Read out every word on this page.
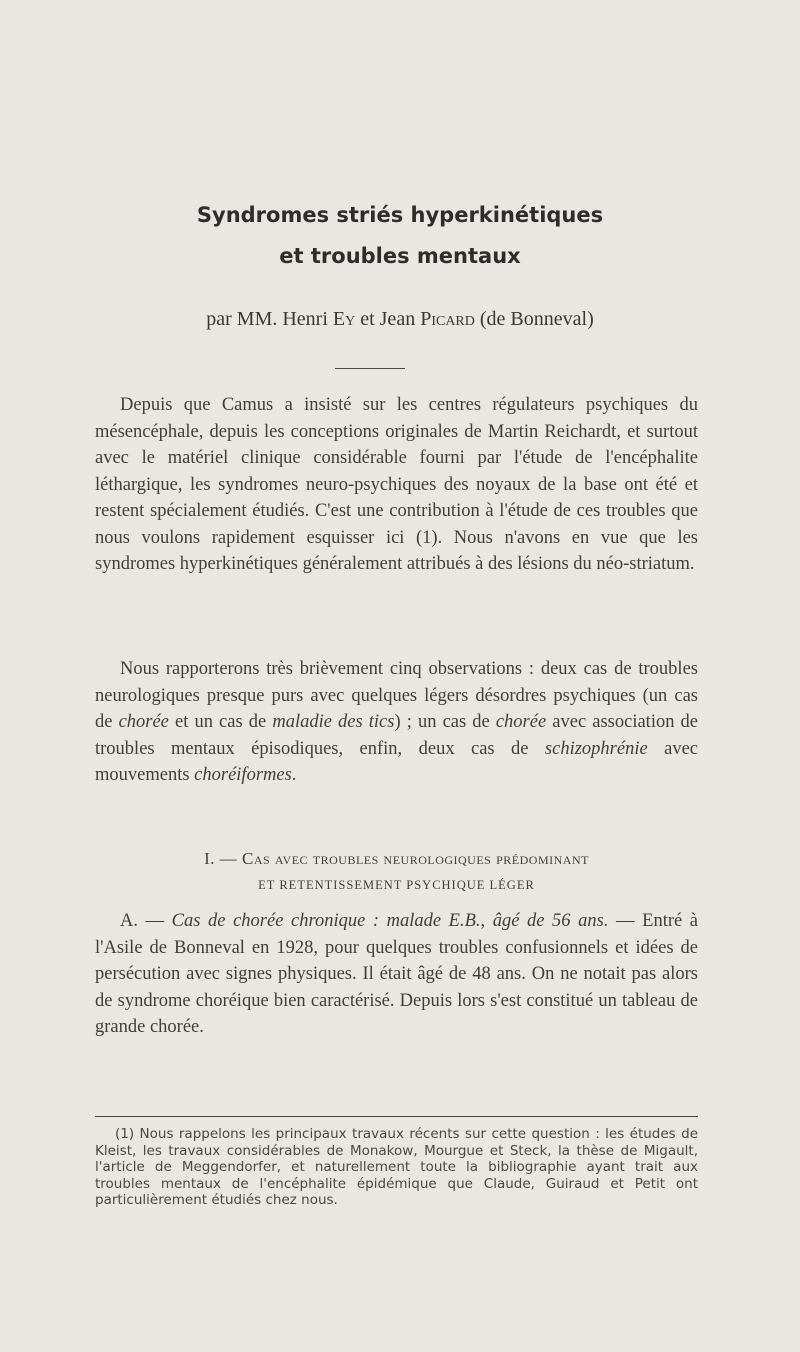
Syndromes striés hyperkinétiques
et troubles mentaux
par MM. Henri Ey et Jean Picard (de Bonneval)

Depuis que Camus a insisté sur les centres régulateurs psychiques du mésencéphale, depuis les conceptions originales de Martin Reichardt, et surtout avec le matériel clinique considérable fourni par l'étude de l'encéphalite léthargique, les syndromes neuro-psychiques des noyaux de la base ont été et restent spécialement étudiés. C'est une contribution à l'étude de ces troubles que nous voulons rapidement esquisser ici (1). Nous n'avons en vue que les syndromes hyperkinétiques généralement attribués à des lésions du néo-striatum.

Nous rapporterons très brièvement cinq observations : deux cas de troubles neurologiques presque purs avec quelques légers désordres psychiques (un cas de chorée et un cas de maladie des tics) ; un cas de chorée avec association de troubles mentaux épisodiques, enfin, deux cas de schizophrénie avec mouvements choréiformes.

I. — Cas avec troubles neurologiques prédominant

ET RETENTISSEMENT PSYCHIQUE LÉGER

A. — Cas de chorée chronique : malade E.B., âgé de 56 ans. — Entré à l'Asile de Bonneval en 1928, pour quelques troubles confusionnels et idées de persécution avec signes physiques. Il était âgé de 48 ans. On ne notait pas alors de syndrome choréique bien caractérisé. Depuis lors s'est constitué un tableau de grande chorée.

(1) Nous rappelons les principaux travaux récents sur cette question : les études de Kleist, les travaux considérables de Monakow, Mourgue et Steck, la thèse de Migault, l'article de Meggendorfer, et naturellement toute la bibliographie ayant trait aux troubles mentaux de l'encéphalite épidémique que Claude, Guiraud et Petit ont particulièrement étudiés chez nous.
